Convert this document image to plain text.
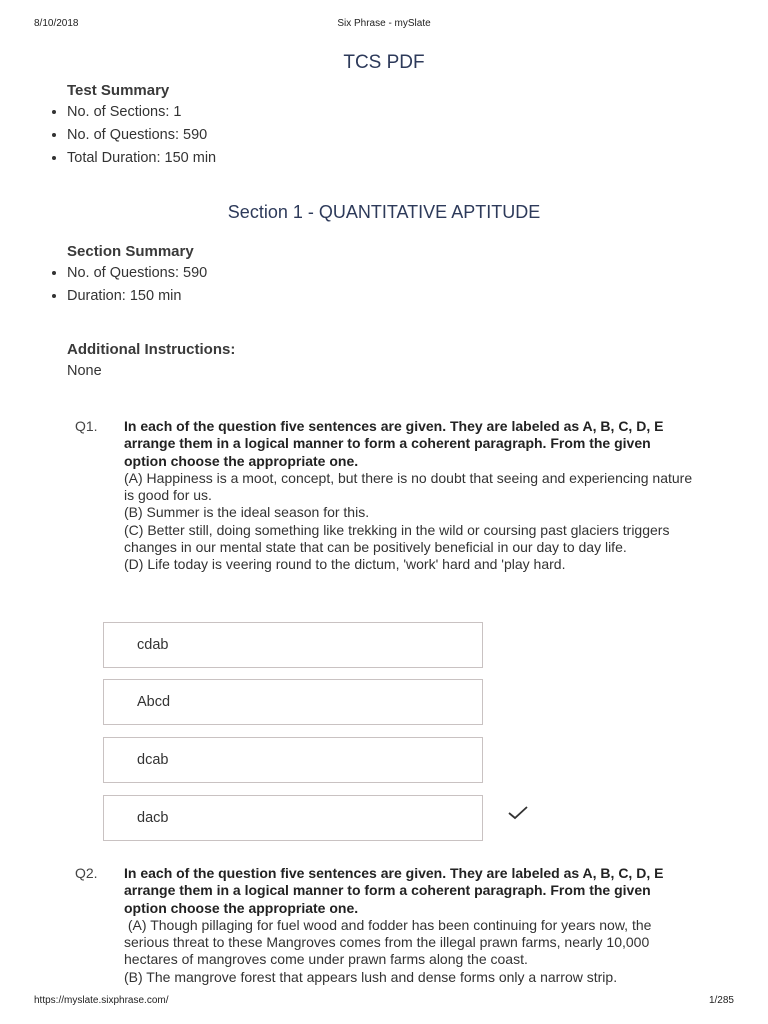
8/10/2018	Six Phrase - mySlate
TCS PDF
Test Summary
• No. of Sections: 1
• No. of Questions: 590
• Total Duration: 150 min
Section 1 - QUANTITATIVE APTITUDE
Section Summary
• No. of Questions: 590
• Duration: 150 min
Additional Instructions:
None
Q1. In each of the question five sentences are given. They are labeled as A, B, C, D, E arrange them in a logical manner to form a coherent paragraph. From the given option choose the appropriate one.

(A) Happiness is a moot, concept, but there is no doubt that seeing and experiencing nature is good for us.

(B) Summer is the ideal season for this.

(C) Better still, doing something like trekking in the wild or coursing past glaciers triggers changes in our mental state that can be positively beneficial in our day to day life.

(D) Life today is veering round to the dictum, 'work' hard and 'play hard.

cdab
Abcd
dcab
dacb
Q2. In each of the question five sentences are given. They are labeled as A, B, C, D, E arrange them in a logical manner to form a coherent paragraph. From the given option choose the appropriate one.

(A) Though pillaging for fuel wood and fodder has been continuing for years now, the serious threat to these Mangroves comes from the illegal prawn farms, nearly 10,000 hectares of mangroves come under prawn farms along the coast.

(B) The mangrove forest that appears lush and dense forms only a narrow strip.

https://myslate.sixphrase.com/	1/285
